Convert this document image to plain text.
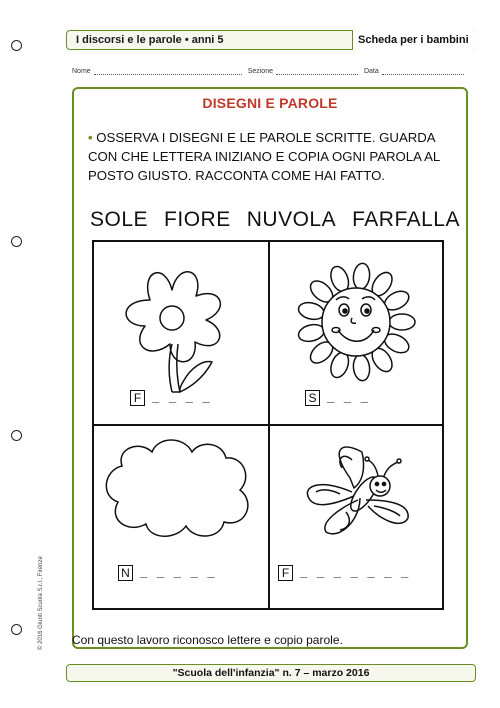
I discorsi e le parole • anni 5	Scheda per i bambini
Nome	Sezione	Data
DISEGNI E PAROLE
• OSSERVA I DISEGNI E LE PAROLE SCRITTE. GUARDA CON CHE LETTERA INIZIANO E COPIA OGNI PAROLA AL POSTO GIUSTO. RACCONTA COME HAI FATTO.
SOLE FIORE NUVOLA FARFALLA
F _ _ _ _	S _ _ _
N _ _ _ _ _	F _ _ _ _ _ _ _
Con questo lavoro riconosco lettere e copio parole.
"Scuola dell'infanzia" n. 7 – marzo 2016
© 2016 Giunti Scuola S.r.l., Firenze
